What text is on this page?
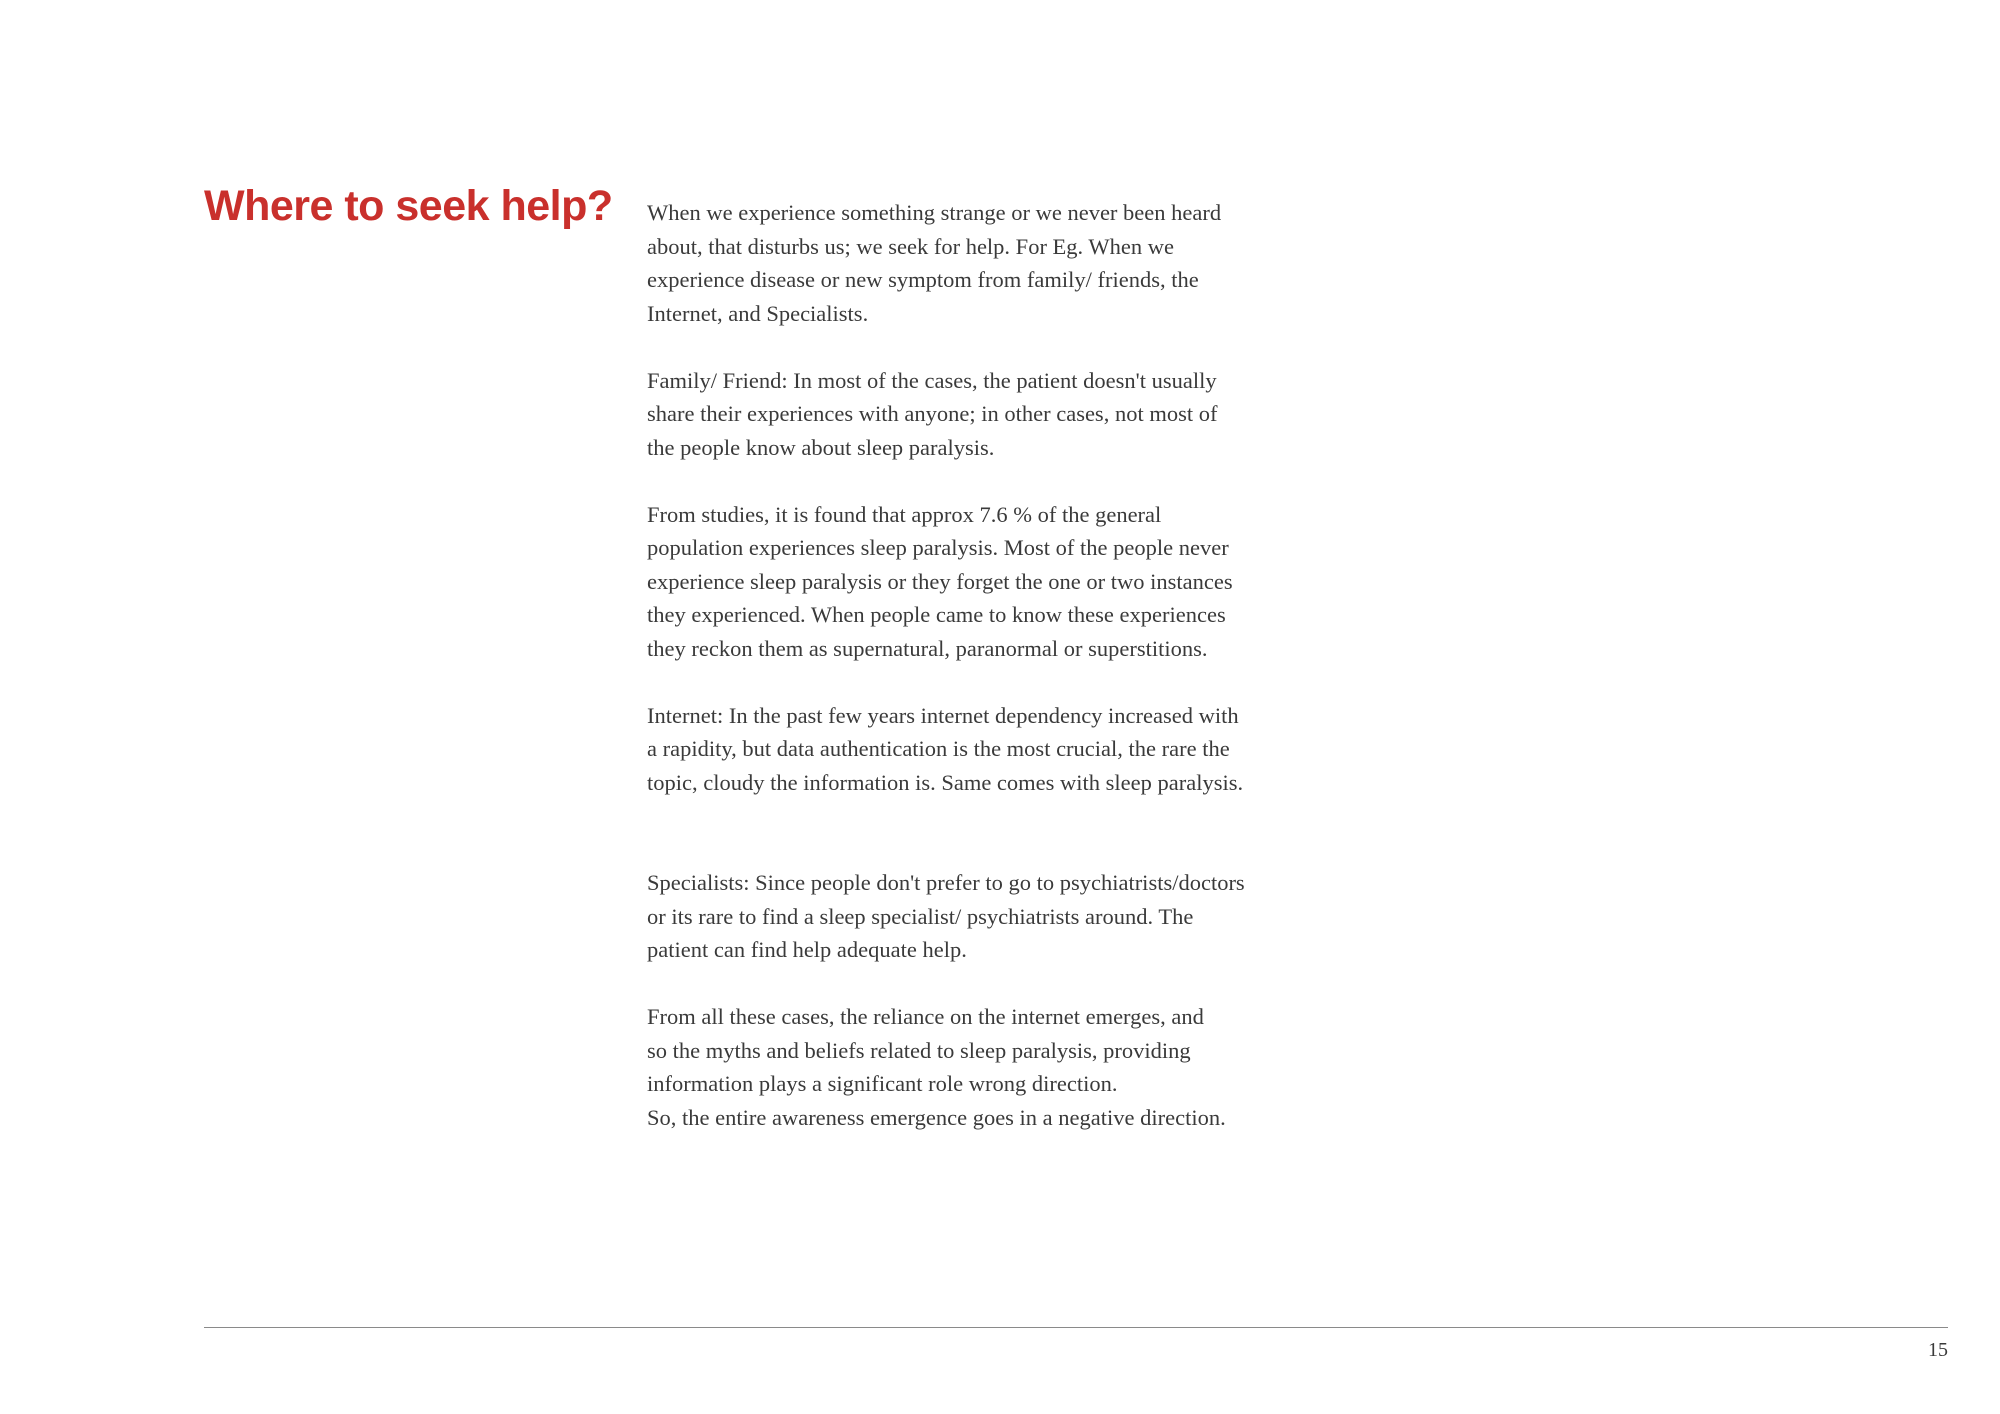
Where to seek help? When we experience something strange or we never been heard
about, that disturbs us; we seek for help. For Eg. When we
experience disease or new symptom from family/ friends, the
Internet, and Specialists.

Family/ Friend: In most of the cases, the patient doesn't usually
share their experiences with anyone; in other cases, not most of
the people know about sleep paralysis.

From studies, it is found that approx 7.6 % of the general
population experiences sleep paralysis. Most of the people never
experience sleep paralysis or they forget the one or two instances
they experienced. When people came to know these experiences
they reckon them as supernatural, paranormal or superstitions.

Internet: In the past few years internet dependency increased with
a rapidity, but data authentication is the most crucial, the rare the
topic, cloudy the information is. Same comes with sleep paralysis.

Specialists: Since people don't prefer to go to psychiatrists/doctors
or its rare to find a sleep specialist/ psychiatrists around. The
patient can find help adequate help.

From all these cases, the reliance on the internet emerges, and
so the myths and beliefs related to sleep paralysis, providing
information plays a significant role wrong direction.
So, the entire awareness emergence goes in a negative direction.

15
